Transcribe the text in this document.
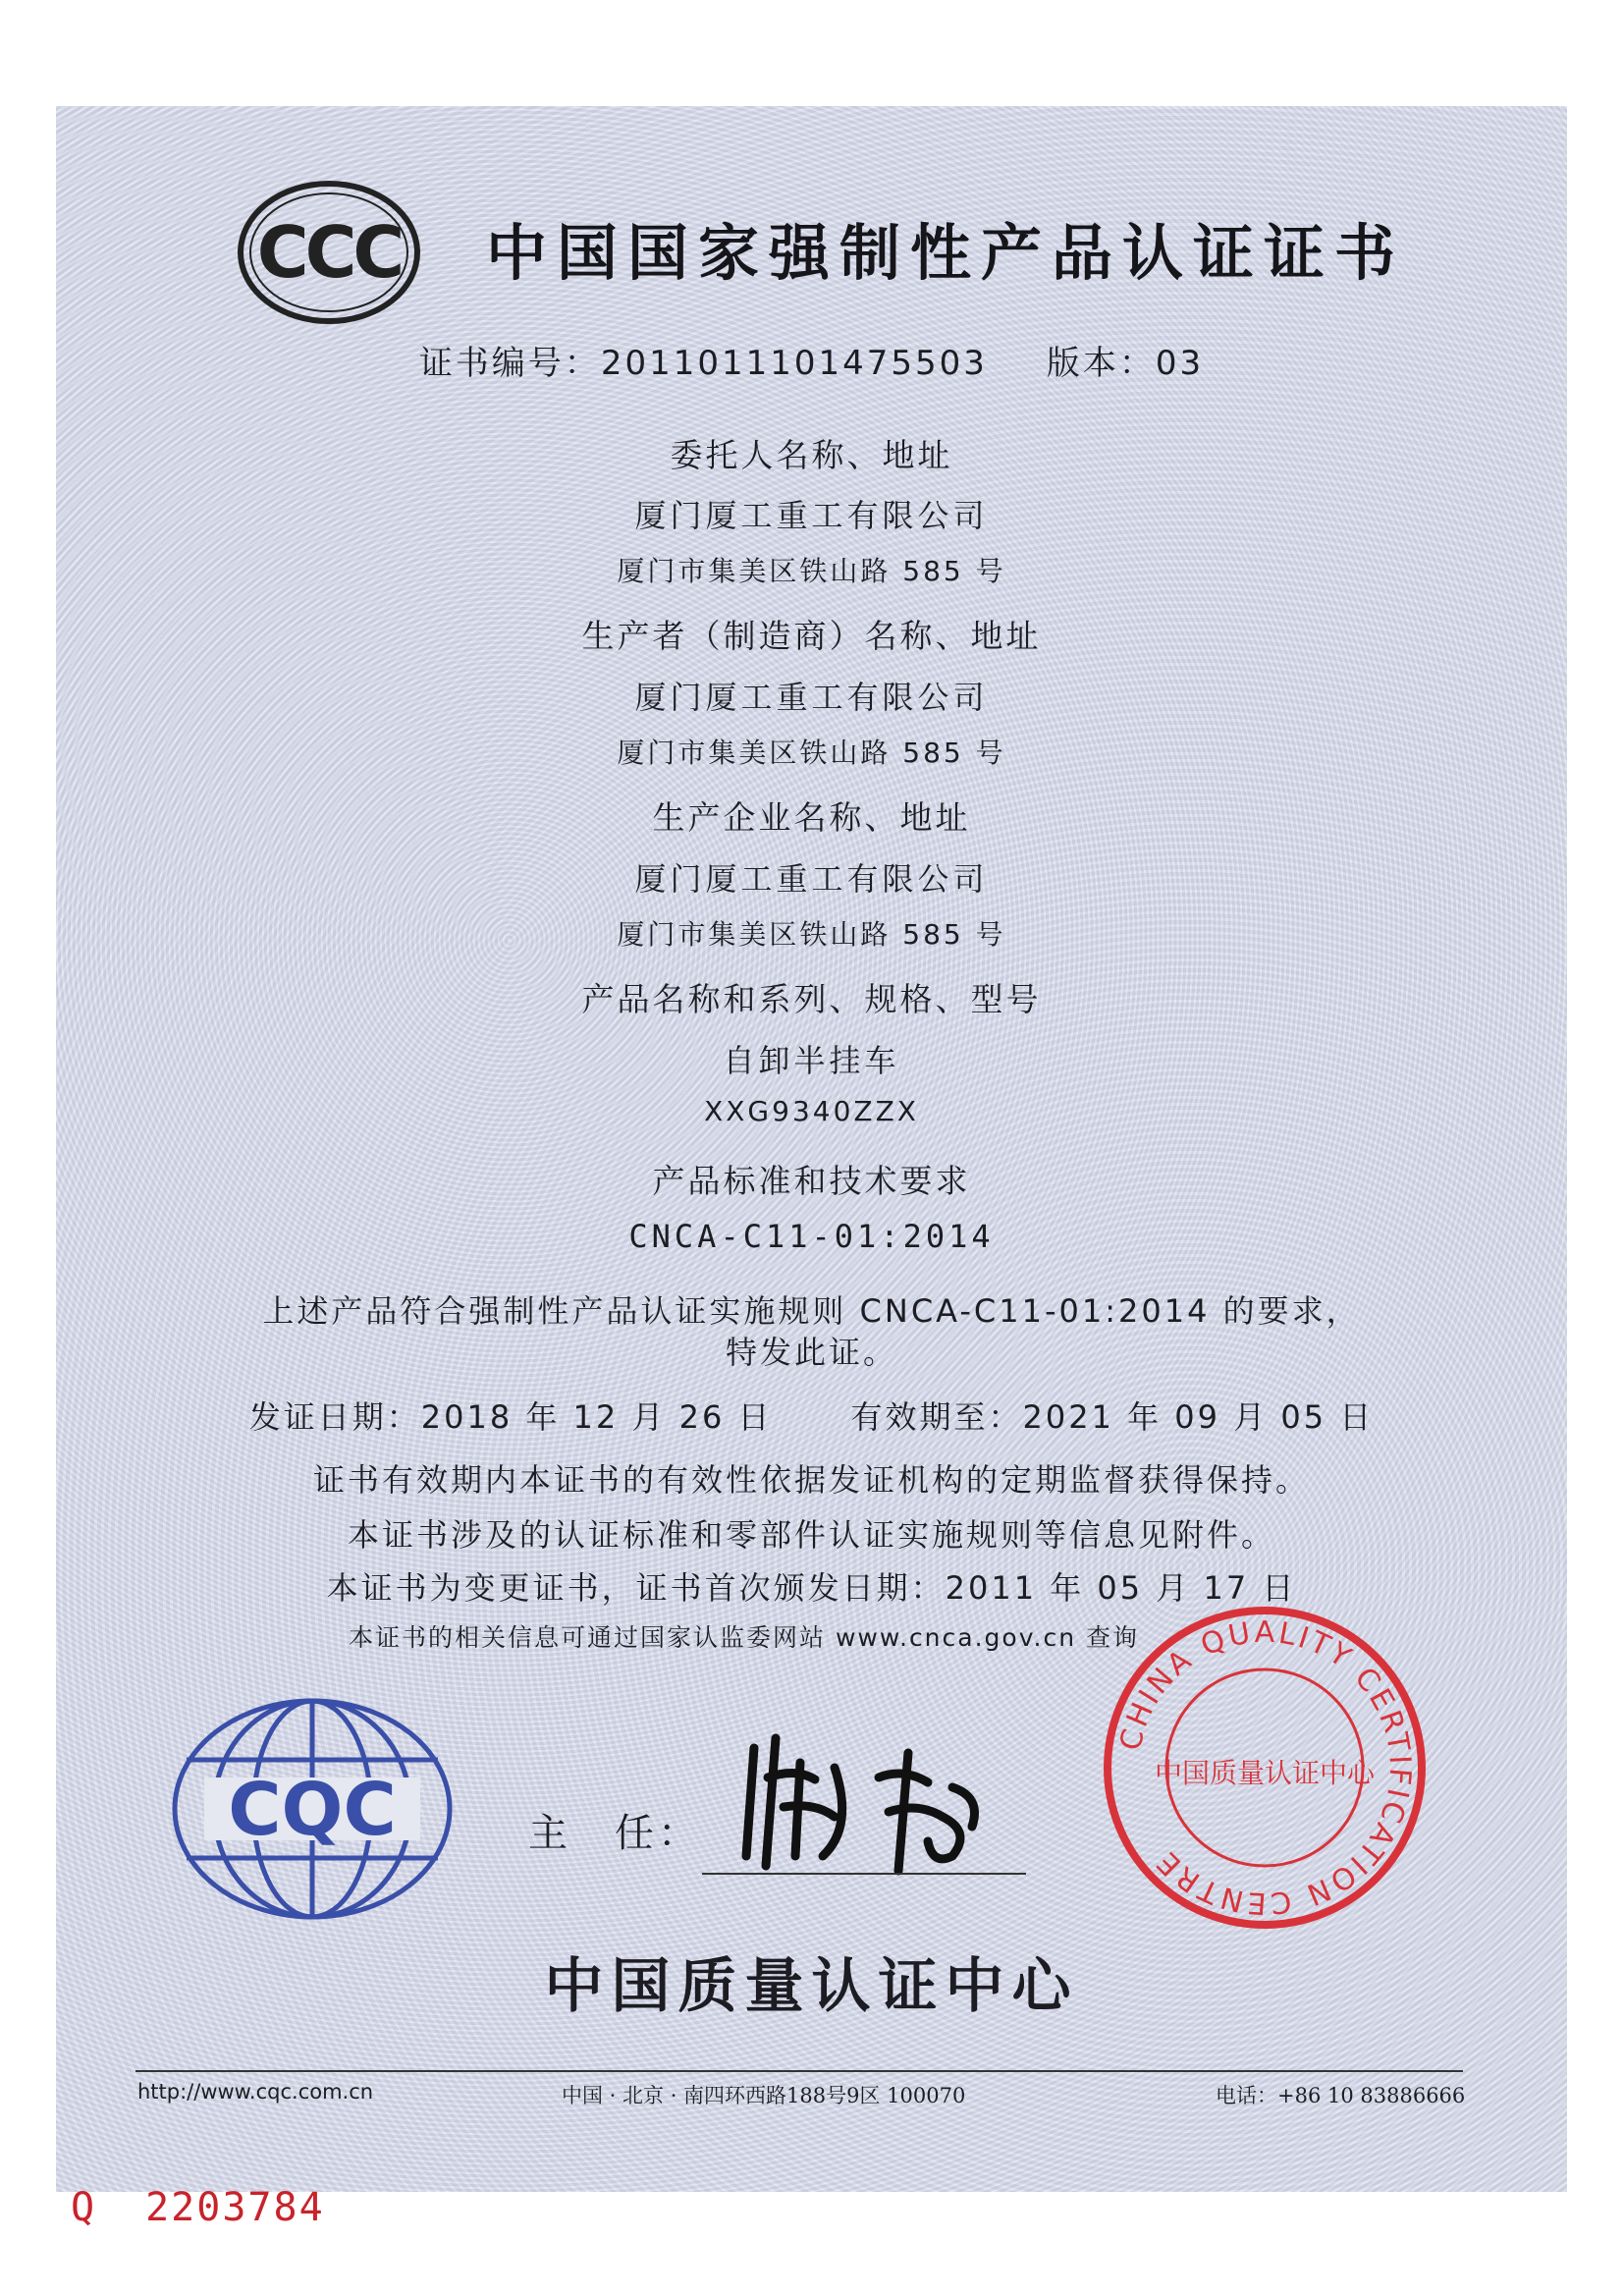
CCC 中国国家强制性产品认证证书
证书编号：2011011101475503 版本：03
委托人名称、地址
厦门厦工重工有限公司
厦门市集美区铁山路 585 号
生产者（制造商）名称、地址
厦门厦工重工有限公司
厦门市集美区铁山路 585 号
生产企业名称、地址
厦门厦工重工有限公司
厦门市集美区铁山路 585 号
产品名称和系列、规格、型号
自卸半挂车
XXG9340ZZX
产品标准和技术要求
CNCA-C11-01:2014
上述产品符合强制性产品认证实施规则 CNCA-C11-01:2014 的要求，
特发此证。
发证日期：2018 年 12 月 26 日	有效期至：2021 年 09 月 05 日
证书有效期内本证书的有效性依据发证机构的定期监督获得保持。
本证书涉及的认证标准和零部件认证实施规则等信息见附件。
本证书为变更证书，证书首次颁发日期：2011 年 05 月 17 日
本证书的相关信息可通过国家认监委网站 www.cnca.gov.cn 查询
CQC	主　任：
CHINA QUALITY CERTIFICATION CENTRE
中国质量认证中心
中国质量认证中心
http://www.cqc.com.cn	中国 · 北京 · 南四环西路188号9区 100070	电话：+86 10 83886666
Q 2203784
